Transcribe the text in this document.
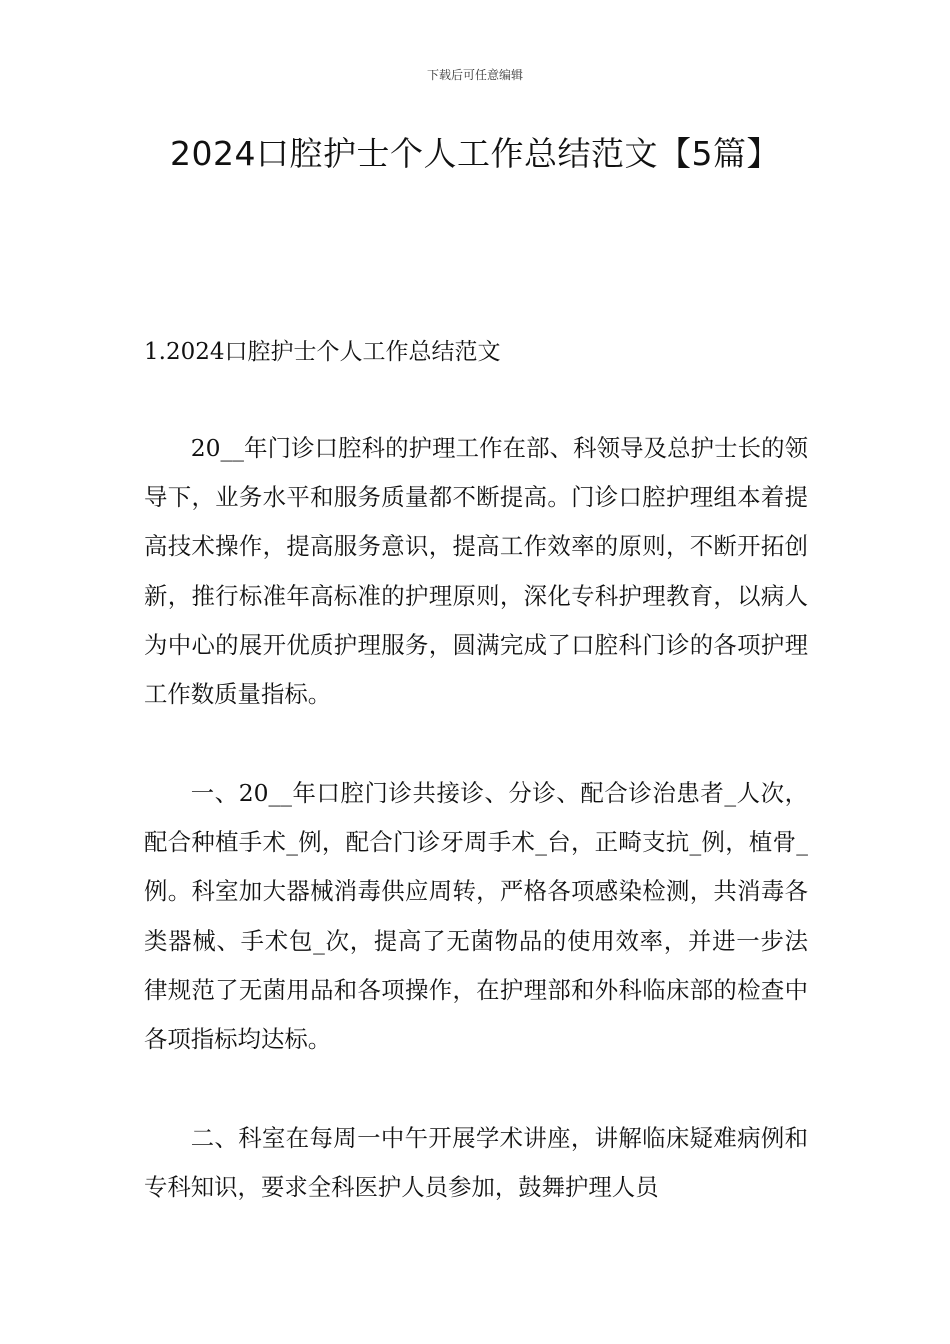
下载后可任意编辑
2024口腔护士个人工作总结范文【5篇】
1.2024口腔护士个人工作总结范文

20__年门诊口腔科的护理工作在部、科领导及总护士长的领导下，业务水平和服务质量都不断提高。门诊口腔护理组本着提高技术操作，提高服务意识，提高工作效率的原则，不断开拓创新，推行标准年高标准的护理原则，深化专科护理教育，以病人为中心的展开优质护理服务，圆满完成了口腔科门诊的各项护理工作数质量指标。

一、20__年口腔门诊共接诊、分诊、配合诊治患者_人次，配合种植手术_例，配合门诊牙周手术_台，正畸支抗_例，植骨_例。科室加大器械消毒供应周转，严格各项感染检测，共消毒各类器械、手术包_次，提高了无菌物品的使用效率，并进一步法律规范了无菌用品和各项操作，在护理部和外科临床部的检查中各项指标均达标。

二、科室在每周一中午开展学术讲座，讲解临床疑难病例和专科知识，要求全科医护人员参加，鼓舞护理人员
